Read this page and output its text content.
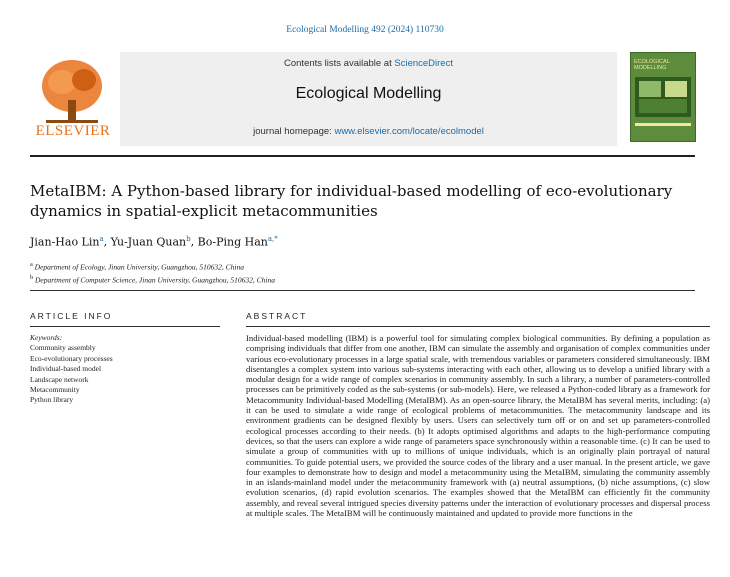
Ecological Modelling 492 (2024) 110730
ELSEVIER
Contents lists available at ScienceDirect
Ecological Modelling
journal homepage: www.elsevier.com/locate/ecolmodel
ECOLOGICAL MODELLING
MetaIBM: A Python-based library for individual-based modelling of eco-evolutionary dynamics in spatial-explicit metacommunities
Jian-Hao Lin$^a$, Yu-Juan Quan$^b$, Bo-Ping Han$^{a,*}$
$^a$ Department of Ecology, Jinan University, Guangzhou, 510632, China
$^b$ Department of Computer Science, Jinan University, Guangzhou, 510632, China
ARTICLE INFO	ABSTRACT
Keywords:
Community assembly
Eco-evolutionary processes
Individual-based model
Landscape network
Metacommunity
Python library
Individual-based modelling (IBM) is a powerful tool for simulating complex biological communities. By defining a population as comprising individuals that differ from one another, IBM can simulate the assembly and organisation of complex communities under various eco-evolutionary processes in a large spatial scale, with tremendous variables or parameters considered simultaneously. IBM disentangles a complex system into various sub-systems interacting with each other, allowing us to develop a unified library with a modular design for a wide range of complex scenarios in community assembly. In such a library, a number of parameters-controlled processes can be primitively coded as the sub-systems (or sub-models). Here, we released a Python-coded library as a framework for Metacommunity Individual-based Modelling (MetaIBM). As an open-source library, the MetaIBM has several merits, including: (a) it can be used to simulate a wide range of ecological problems of metacommunities. The metacommunity landscape and its environment gradients can be designed flexibly by users. Users can selectively turn off or on and set up parameters-controlled ecological processes according to their needs. (b) It adopts optimised algorithms and adapts to the high-performance computing devices, so that the users can explore a wide range of parameters space synchronously within a reasonable time. (c) It can be used to simulate a group of communities with up to millions of unique individuals, which is an originally plain portrayal of natural communities. To guide potential users, we provided the source codes of the library and a user manual. In the present article, we gave four examples to demonstrate how to design and model a metacommunity using the MetaIBM, simulating the community assembly in an islands-mainland model under the metacommunity framework with (a) neutral assumptions, (b) niche assumptions, (c) slow evolution scenarios, (d) rapid evolution scenarios. The examples showed that the MetaIBM can efficiently fit the community assembly, and reveal several intrigued species diversity patterns under the interaction of evolutionary processes and dispersal process at multiple scales. The MetaIBM will be continuously maintained and updated to provide more functions in the
